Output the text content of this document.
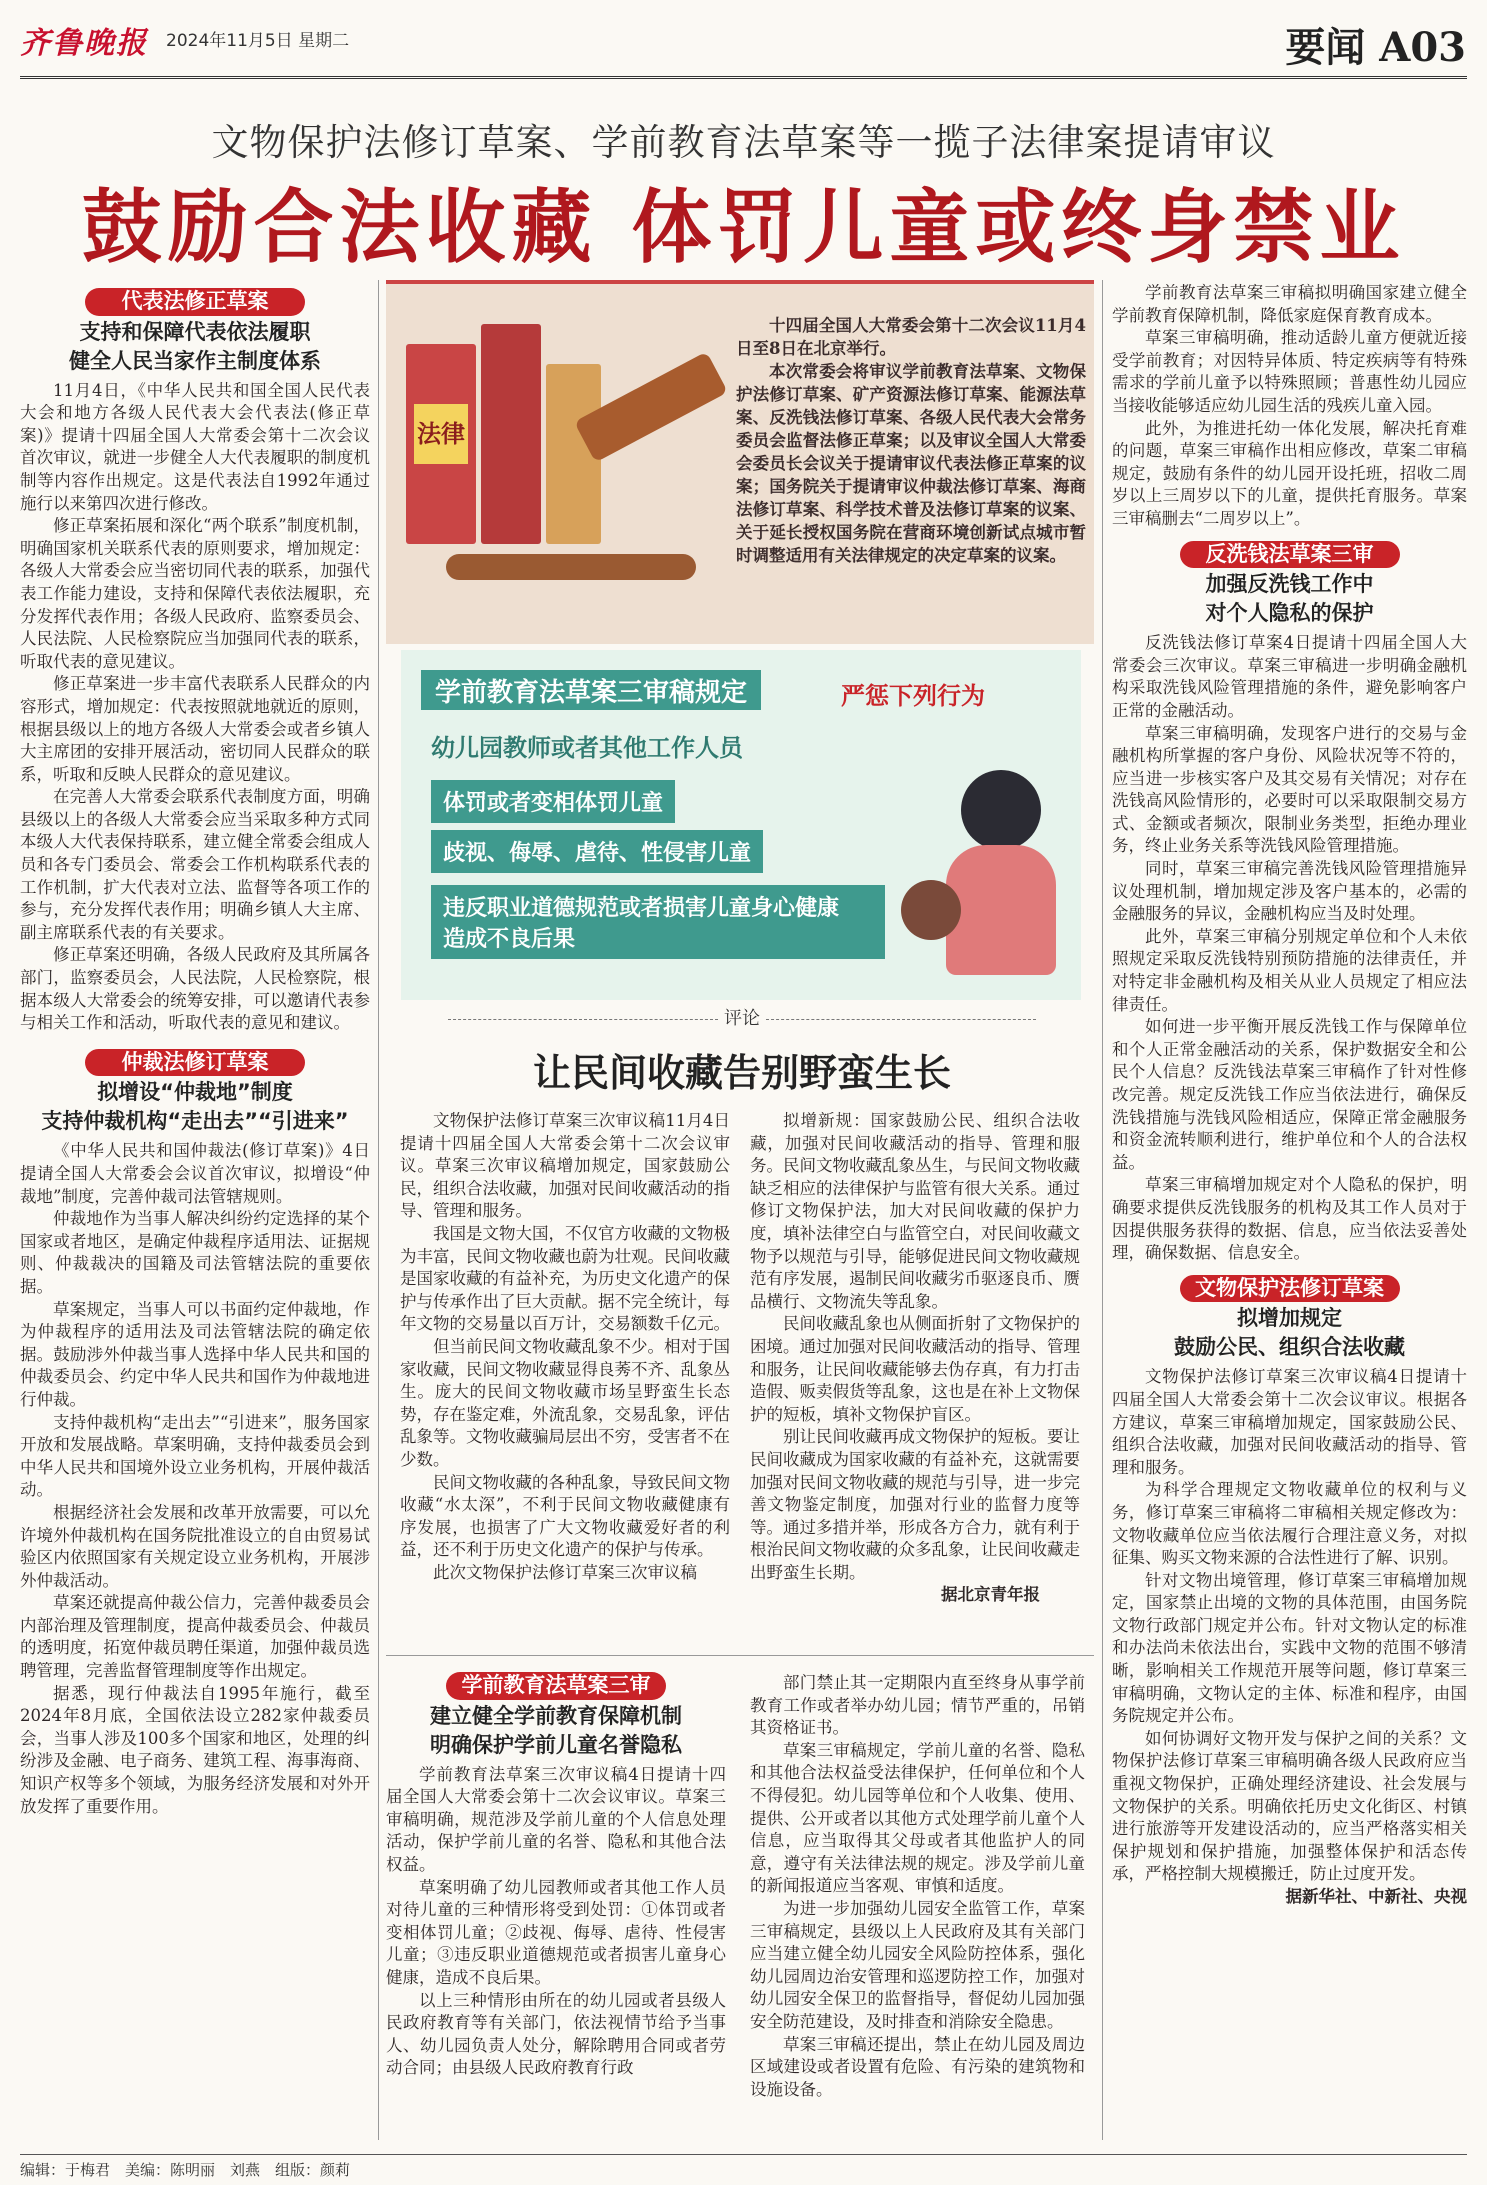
齐鲁晚报 2024年11月5日 星期二	要闻 A03
文物保护法修订草案、学前教育法草案等一揽子法律案提请审议
鼓励合法收藏 体罚儿童或终身禁业
代表法修正草案
支持和保障代表依法履职
健全人民当家作主制度体系

11月4日，《中华人民共和国全国人民代表大会和地方各级人民代表大会代表法(修正草案)》提请十四届全国人大常委会第十二次会议首次审议，就进一步健全人大代表履职的制度机制等内容作出规定。这是代表法自1992年通过施行以来第四次进行修改。

修正草案拓展和深化“两个联系”制度机制，明确国家机关联系代表的原则要求，增加规定：各级人大常委会应当密切同代表的联系，加强代表工作能力建设，支持和保障代表依法履职，充分发挥代表作用；各级人民政府、监察委员会、人民法院、人民检察院应当加强同代表的联系，听取代表的意见建议。

修正草案进一步丰富代表联系人民群众的内容形式，增加规定：代表按照就地就近的原则，根据县级以上的地方各级人大常委会或者乡镇人大主席团的安排开展活动，密切同人民群众的联系，听取和反映人民群众的意见建议。

在完善人大常委会联系代表制度方面，明确县级以上的各级人大常委会应当采取多种方式同本级人大代表保持联系，建立健全常委会组成人员和各专门委员会、常委会工作机构联系代表的工作机制，扩大代表对立法、监督等各项工作的参与，充分发挥代表作用；明确乡镇人大主席、副主席联系代表的有关要求。

修正草案还明确，各级人民政府及其所属各部门，监察委员会，人民法院，人民检察院，根据本级人大常委会的统筹安排，可以邀请代表参与相关工作和活动，听取代表的意见和建议。

仲裁法修订草案
拟增设“仲裁地”制度
支持仲裁机构“走出去”“引进来”

《中华人民共和国仲裁法(修订草案)》4日提请全国人大常委会会议首次审议，拟增设“仲裁地”制度，完善仲裁司法管辖规则。

仲裁地作为当事人解决纠纷约定选择的某个国家或者地区，是确定仲裁程序适用法、证据规则、仲裁裁决的国籍及司法管辖法院的重要依据。

草案规定，当事人可以书面约定仲裁地，作为仲裁程序的适用法及司法管辖法院的确定依据。鼓励涉外仲裁当事人选择中华人民共和国的仲裁委员会、约定中华人民共和国作为仲裁地进行仲裁。

支持仲裁机构“走出去”“引进来”，服务国家开放和发展战略。草案明确，支持仲裁委员会到中华人民共和国境外设立业务机构，开展仲裁活动。

根据经济社会发展和改革开放需要，可以允许境外仲裁机构在国务院批准设立的自由贸易试验区内依照国家有关规定设立业务机构，开展涉外仲裁活动。

草案还就提高仲裁公信力，完善仲裁委员会内部治理及管理制度，提高仲裁委员会、仲裁员的透明度，拓宽仲裁员聘任渠道，加强仲裁员选聘管理，完善监督管理制度等作出规定。

据悉，现行仲裁法自1995年施行，截至2024年8月底，全国依法设立282家仲裁委员会，当事人涉及100多个国家和地区，处理的纠纷涉及金融、电子商务、建筑工程、海事海商、知识产权等多个领域，为服务经济发展和对外开放发挥了重要作用。

法律

十四届全国人大常委会第十二次会议11月4日至8日在北京举行。

本次常委会将审议学前教育法草案、文物保护法修订草案、矿产资源法修订草案、能源法草案、反洗钱法修订草案、各级人民代表大会常务委员会监督法修正草案；以及审议全国人大常委会委员长会议关于提请审议代表法修正草案的议案；国务院关于提请审议仲裁法修订草案、海商法修订草案、科学技术普及法修订草案的议案、关于延长授权国务院在营商环境创新试点城市暂时调整适用有关法律规定的决定草案的议案。

学前教育法草案三审稿规定	严惩下列行为
幼儿园教师或者其他工作人员
体罚或者变相体罚儿童
歧视、侮辱、虐待、性侵害儿童
违反职业道德规范或者损害儿童身心健康
造成不良后果
评论
让民间收藏告别野蛮生长

文物保护法修订草案三次审议稿11月4日提请十四届全国人大常委会第十二次会议审议。草案三次审议稿增加规定，国家鼓励公民，组织合法收藏，加强对民间收藏活动的指导、管理和服务。

我国是文物大国，不仅官方收藏的文物极为丰富，民间文物收藏也蔚为壮观。民间收藏是国家收藏的有益补充，为历史文化遗产的保护与传承作出了巨大贡献。据不完全统计，每年文物的交易量以百万计，交易额数千亿元。

但当前民间文物收藏乱象不少。相对于国家收藏，民间文物收藏显得良莠不齐、乱象丛生。庞大的民间文物收藏市场呈野蛮生长态势，存在鉴定难，外流乱象，交易乱象，评估乱象等。文物收藏骗局层出不穷，受害者不在少数。

民间文物收藏的各种乱象，导致民间文物收藏“水太深”，不利于民间文物收藏健康有序发展，也损害了广大文物收藏爱好者的利益，还不利于历史文化遗产的保护与传承。

此次文物保护法修订草案三次审议稿

拟增新规：国家鼓励公民、组织合法收藏，加强对民间收藏活动的指导、管理和服务。民间文物收藏乱象丛生，与民间文物收藏缺乏相应的法律保护与监管有很大关系。通过修订文物保护法，加大对民间收藏的保护力度，填补法律空白与监管空白，对民间收藏文物予以规范与引导，能够促进民间文物收藏规范有序发展，遏制民间收藏劣币驱逐良币、赝品横行、文物流失等乱象。

民间收藏乱象也从侧面折射了文物保护的困境。通过加强对民间收藏活动的指导、管理和服务，让民间收藏能够去伪存真，有力打击造假、贩卖假货等乱象，这也是在补上文物保护的短板，填补文物保护盲区。

别让民间收藏再成文物保护的短板。要让民间收藏成为国家收藏的有益补充，这就需要加强对民间文物收藏的规范与引导，进一步完善文物鉴定制度，加强对行业的监督力度等等。通过多措并举，形成各方合力，就有利于根治民间文物收藏的众多乱象，让民间收藏走出野蛮生长期。

据北京青年报
学前教育法草案三审
建立健全学前教育保障机制
明确保护学前儿童名誉隐私

学前教育法草案三次审议稿4日提请十四届全国人大常委会第十二次会议审议。草案三审稿明确，规范涉及学前儿童的个人信息处理活动，保护学前儿童的名誉、隐私和其他合法权益。

草案明确了幼儿园教师或者其他工作人员对待儿童的三种情形将受到处罚：①体罚或者变相体罚儿童；②歧视、侮辱、虐待、性侵害儿童；③违反职业道德规范或者损害儿童身心健康，造成不良后果。

以上三种情形由所在的幼儿园或者县级人民政府教育等有关部门，依法视情节给予当事人、幼儿园负责人处分，解除聘用合同或者劳动合同；由县级人民政府教育行政

部门禁止其一定期限内直至终身从事学前教育工作或者举办幼儿园；情节严重的，吊销其资格证书。

草案三审稿规定，学前儿童的名誉、隐私和其他合法权益受法律保护，任何单位和个人不得侵犯。幼儿园等单位和个人收集、使用、提供、公开或者以其他方式处理学前儿童个人信息，应当取得其父母或者其他监护人的同意，遵守有关法律法规的规定。涉及学前儿童的新闻报道应当客观、审慎和适度。

为进一步加强幼儿园安全监管工作，草案三审稿规定，县级以上人民政府及其有关部门应当建立健全幼儿园安全风险防控体系，强化幼儿园周边治安管理和巡逻防控工作，加强对幼儿园安全保卫的监督指导，督促幼儿园加强安全防范建设，及时排查和消除安全隐患。

草案三审稿还提出，禁止在幼儿园及周边区域建设或者设置有危险、有污染的建筑物和设施设备。

学前教育法草案三审稿拟明确国家建立健全学前教育保障机制，降低家庭保育教育成本。

草案三审稿明确，推动适龄儿童方便就近接受学前教育；对因特异体质、特定疾病等有特殊需求的学前儿童予以特殊照顾；普惠性幼儿园应当接收能够适应幼儿园生活的残疾儿童入园。

此外，为推进托幼一体化发展，解决托育难的问题，草案三审稿作出相应修改，草案二审稿规定，鼓励有条件的幼儿园开设托班，招收二周岁以上三周岁以下的儿童，提供托育服务。草案三审稿删去“二周岁以上”。

反洗钱法草案三审
加强反洗钱工作中
对个人隐私的保护

反洗钱法修订草案4日提请十四届全国人大常委会三次审议。草案三审稿进一步明确金融机构采取洗钱风险管理措施的条件，避免影响客户正常的金融活动。

草案三审稿明确，发现客户进行的交易与金融机构所掌握的客户身份、风险状况等不符的，应当进一步核实客户及其交易有关情况；对存在洗钱高风险情形的，必要时可以采取限制交易方式、金额或者频次，限制业务类型，拒绝办理业务，终止业务关系等洗钱风险管理措施。

同时，草案三审稿完善洗钱风险管理措施异议处理机制，增加规定涉及客户基本的，必需的金融服务的异议，金融机构应当及时处理。

此外，草案三审稿分别规定单位和个人未依照规定采取反洗钱特别预防措施的法律责任，并对特定非金融机构及相关从业人员规定了相应法律责任。

如何进一步平衡开展反洗钱工作与保障单位和个人正常金融活动的关系，保护数据安全和公民个人信息？反洗钱法草案三审稿作了针对性修改完善。规定反洗钱工作应当依法进行，确保反洗钱措施与洗钱风险相适应，保障正常金融服务和资金流转顺利进行，维护单位和个人的合法权益。

草案三审稿增加规定对个人隐私的保护，明确要求提供反洗钱服务的机构及其工作人员对于因提供服务获得的数据、信息，应当依法妥善处理，确保数据、信息安全。

文物保护法修订草案
拟增加规定
鼓励公民、组织合法收藏

文物保护法修订草案三次审议稿4日提请十四届全国人大常委会第十二次会议审议。根据各方建议，草案三审稿增加规定，国家鼓励公民、组织合法收藏，加强对民间收藏活动的指导、管理和服务。

为科学合理规定文物收藏单位的权利与义务，修订草案三审稿将二审稿相关规定修改为：文物收藏单位应当依法履行合理注意义务，对拟征集、购买文物来源的合法性进行了解、识别。

针对文物出境管理，修订草案三审稿增加规定，国家禁止出境的文物的具体范围，由国务院文物行政部门规定并公布。针对文物认定的标准和办法尚未依法出台，实践中文物的范围不够清晰，影响相关工作规范开展等问题，修订草案三审稿明确，文物认定的主体、标准和程序，由国务院规定并公布。

如何协调好文物开发与保护之间的关系？文物保护法修订草案三审稿明确各级人民政府应当重视文物保护，正确处理经济建设、社会发展与文物保护的关系。明确依托历史文化街区、村镇进行旅游等开发建设活动的，应当严格落实相关保护规划和保护措施，加强整体保护和活态传承，严格控制大规模搬迁，防止过度开发。

据新华社、中新社、央视
编辑：于梅君　美编：陈明丽　刘燕　组版：颜莉
